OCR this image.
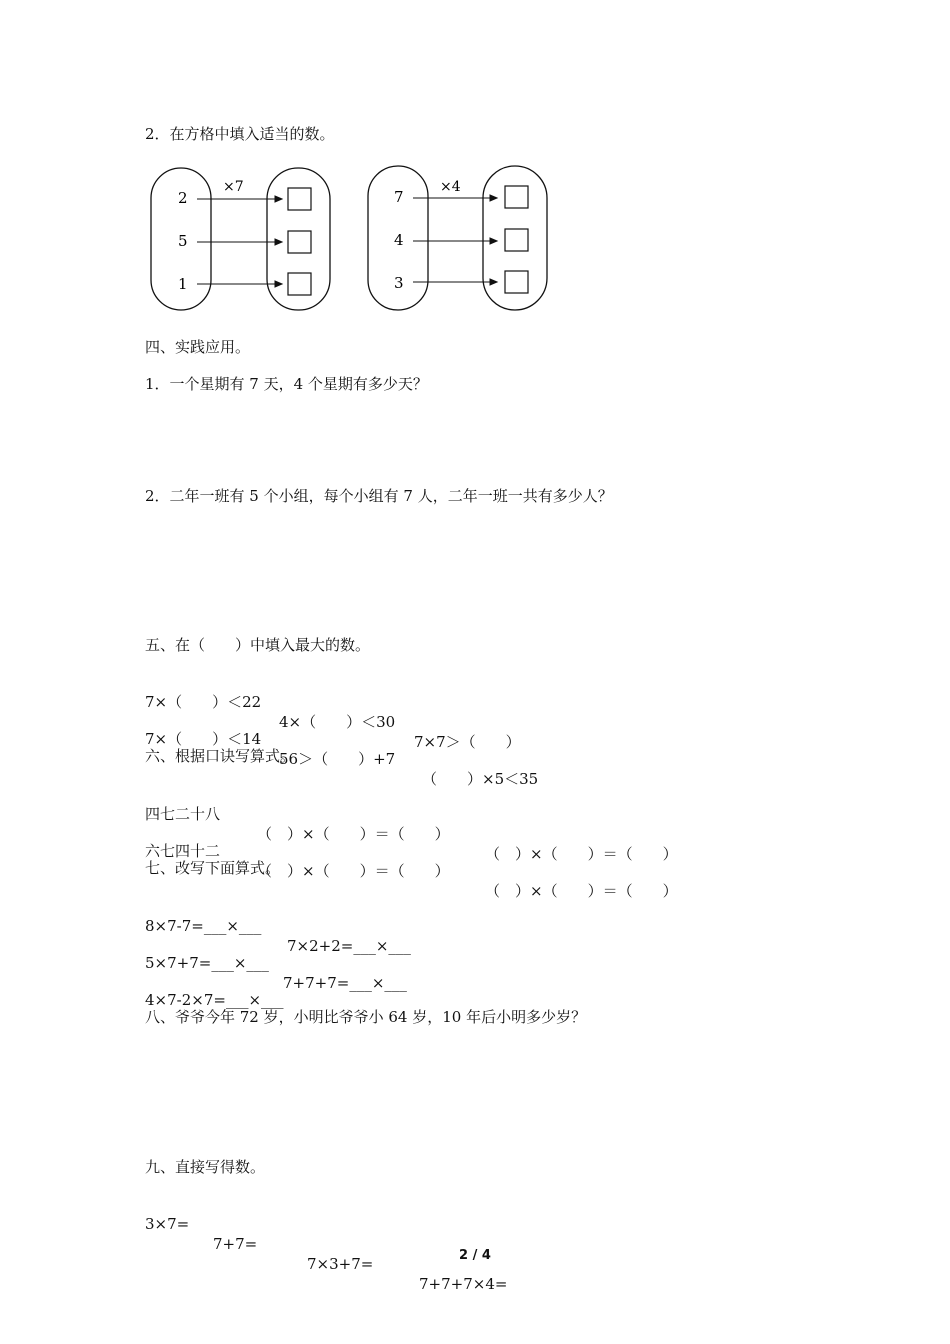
2．在方格中填入适当的数。
×7
2
5
1
×4
7
4
3
四、实践应用。
1．一个星期有 7 天，4 个星期有多少天？
2．二年一班有 5 个小组，每个小组有 7 人，二年一班一共有多少人？
五、在（　　）中填入最大的数。

7×（　　）＜22

4×（　　）＜30

7×7＞（　　）

7×（　　）＜14

56＞（　　）+7

（　　）×5＜35

六、根据口诀写算式。

四七二十八

（　）×（　　）＝（　　）

（　）×（　　）＝（　　）

六七四十二

（　）×（　　）＝（　　）

（　）×（　　）＝（　　）

七、改写下面算式。

8×7-7=___×___

7×2+2=___×___

5×7+7=___×___

7+7+7=___×___

4×7-2×7=___×___

八、爷爷今年 72 岁，小明比爷爷小 64 岁，10 年后小明多少岁？
九、直接写得数。

3×7=

7+7=

7×3+7=

7+7+7×4=

2 / 4
